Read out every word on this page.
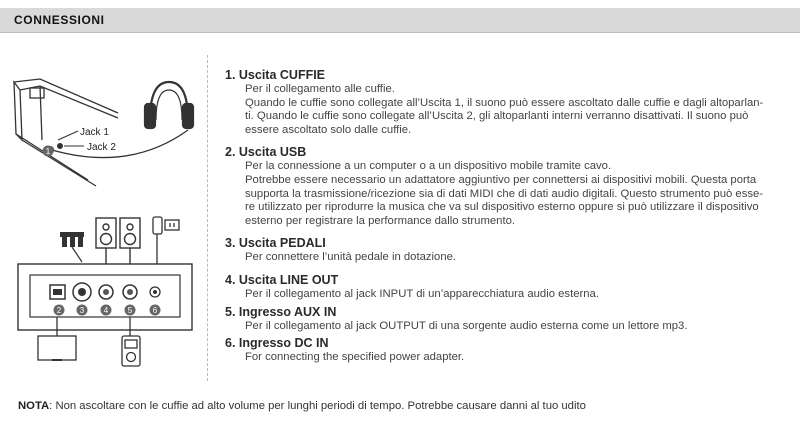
CONNESSIONI
1
Jack 1
Jack 2
2 3 4 5	6
1. Uscita CUFFIE

Per il collegamento alle cuffie.

Quando le cuffie sono collegate all’Uscita 1, il suono può essere ascoltato dalle cuffie e dagli altoparlan-

ti. Quando le cuffie sono collegate all’Uscita 2, gli altoparlanti interni verranno disattivati. Il suono può

essere ascoltato solo dalle cuffie.

2. Uscita USB

Per la connessione a un computer o a un dispositivo mobile tramite cavo.

Potrebbe essere necessario un adattatore aggiuntivo per connettersi ai dispositivi mobili. Questa porta

supporta la trasmissione/ricezione sia di dati MIDI che di dati audio digitali. Questo strumento può esse-

re utilizzato per riprodurre la musica che va sul dispositivo esterno oppure si può utilizzare il dispositivo

esterno per registrare la performance dallo strumento.

3. Uscita PEDALI

Per connettere l’unità pedale in dotazione.

4. Uscita LINE OUT

Per il collegamento al jack INPUT di un’apparecchiatura audio esterna.

5. Ingresso AUX IN

Per il collegamento al jack OUTPUT di una sorgente audio esterna come un lettore mp3.

6. Ingresso DC IN

For connecting the specified power adapter.

NOTA: Non ascoltare con le cuffie ad alto volume per lunghi periodi di tempo. Potrebbe causare danni al tuo udito
